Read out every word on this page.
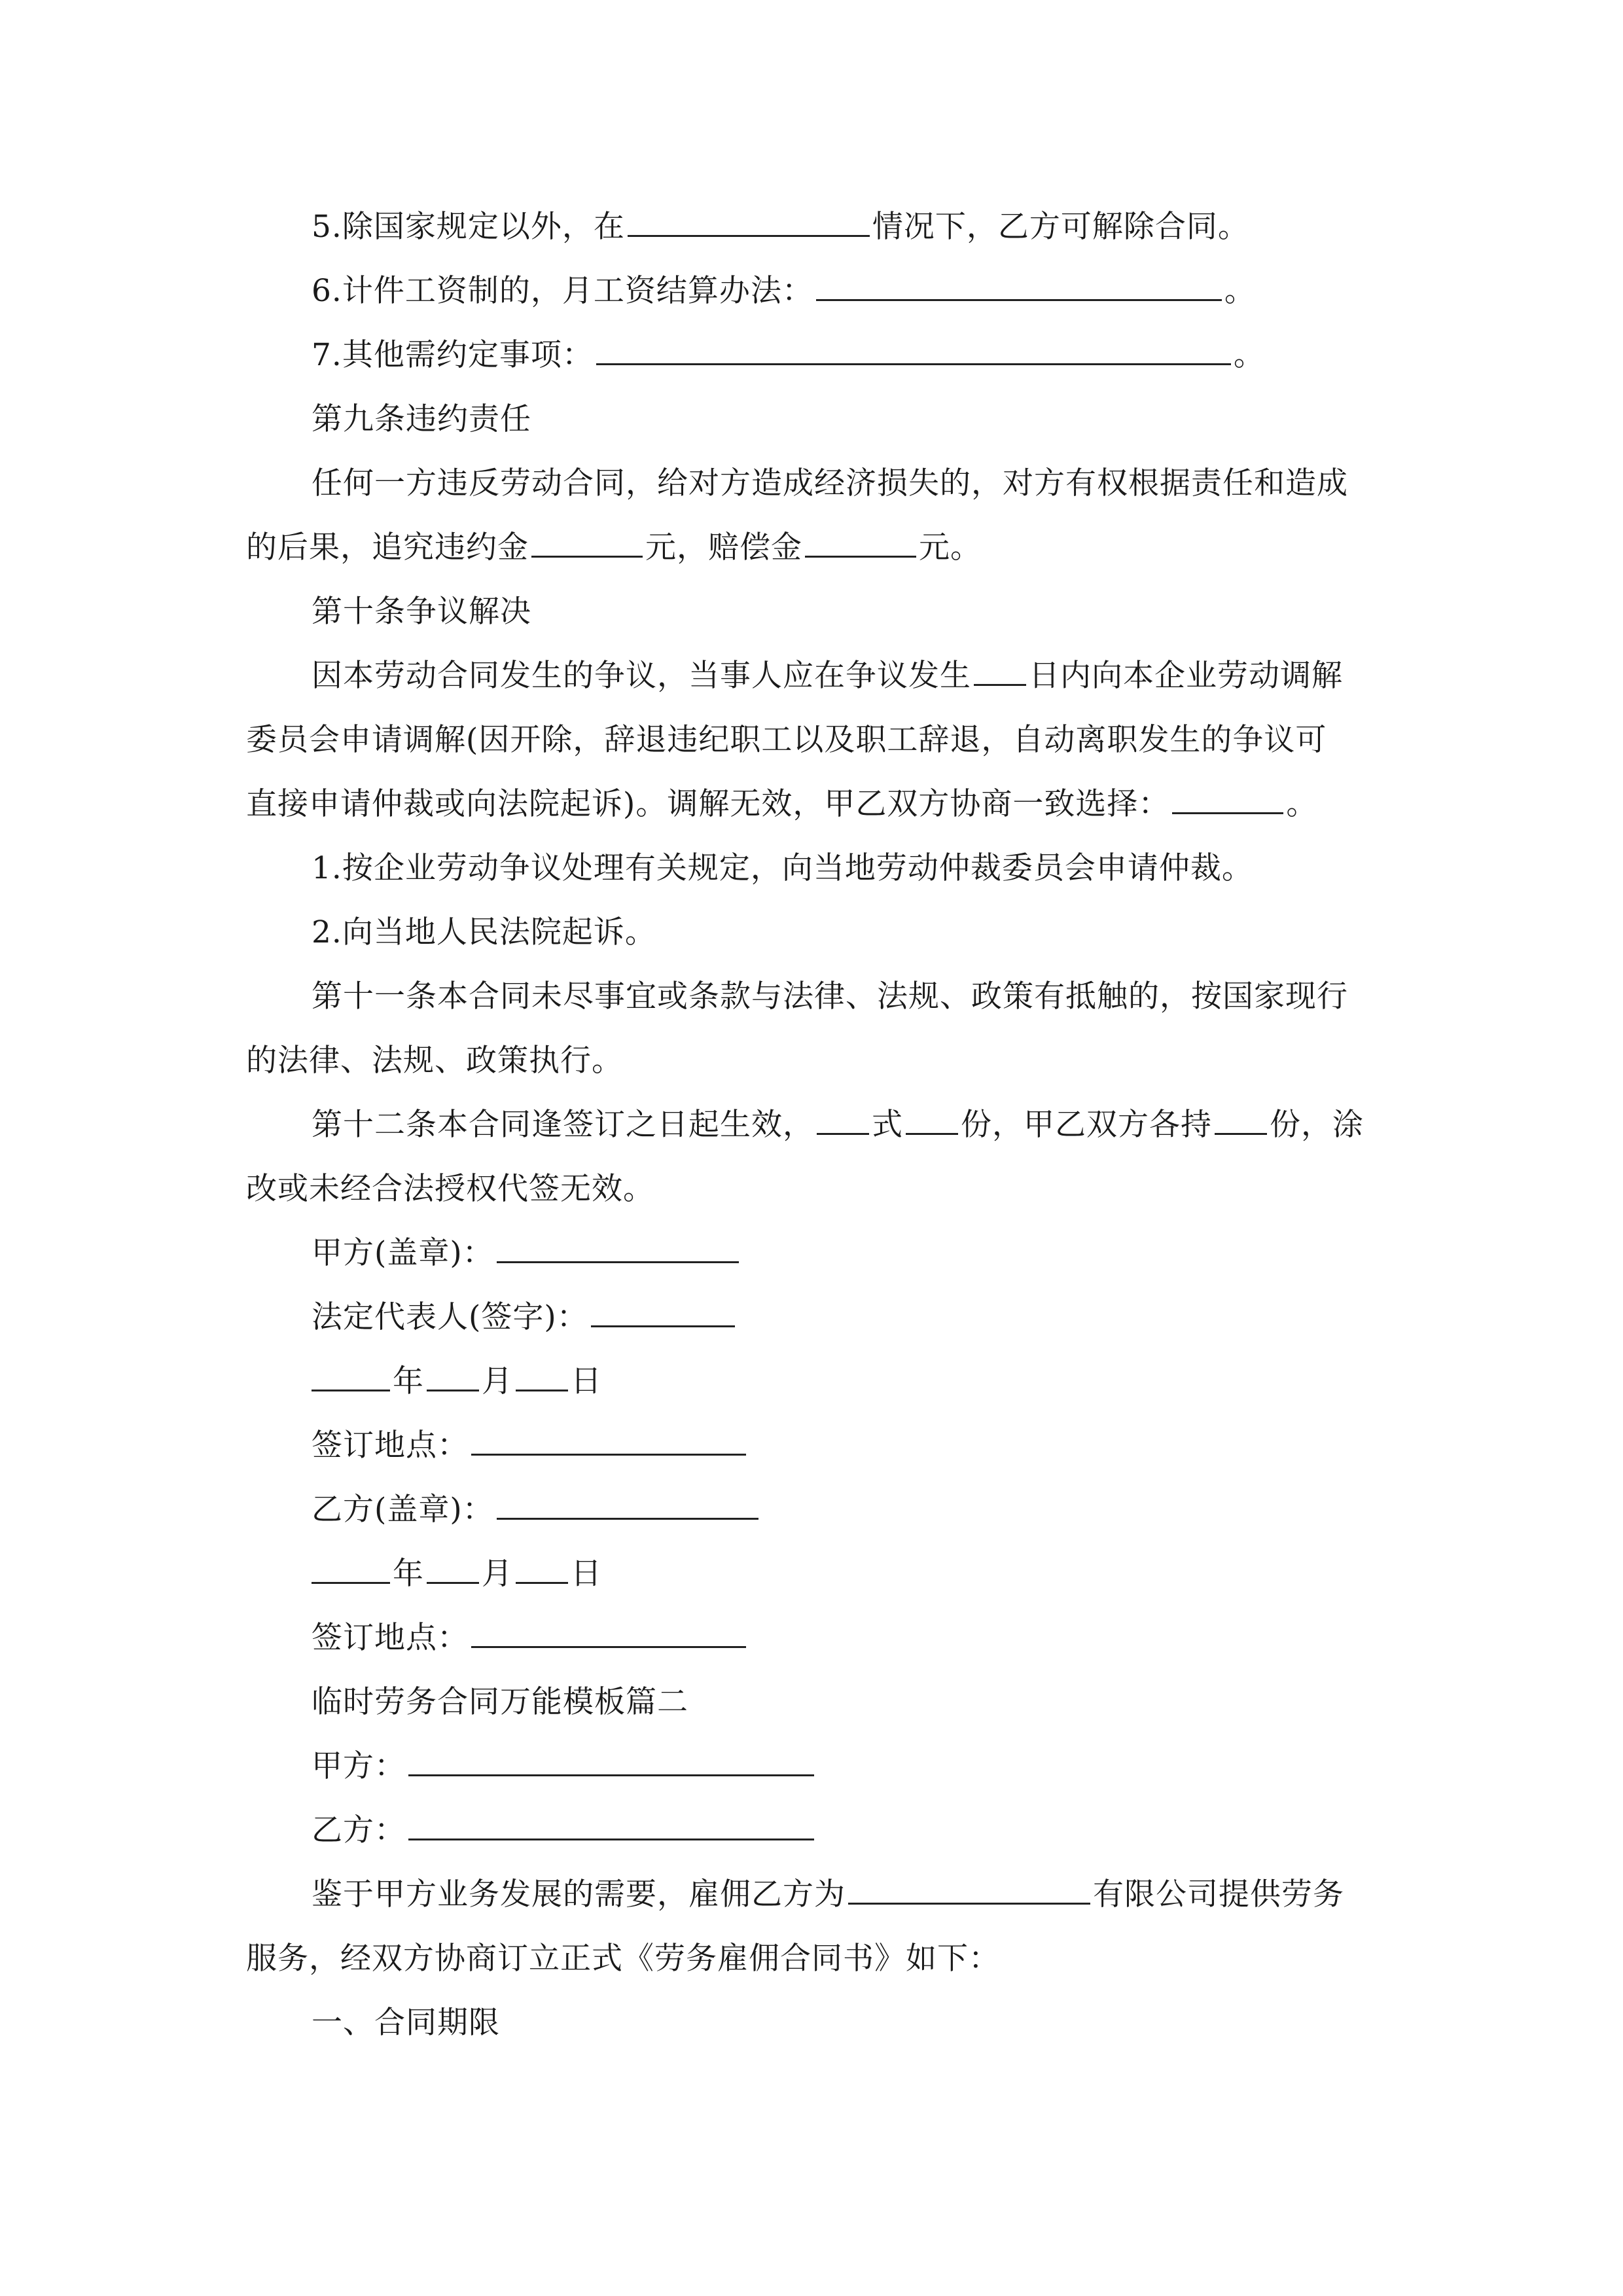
5.除国家规定以外，在	情况下，乙方可解除合同。
6.计件工资制的，月工资结算办法：	。
7.其他需约定事项：	。
第九条违约责任
任何一方违反劳动合同，给对方造成经济损失的，对方有权根据责任和造成
的后果，追究违约金	元，赔偿金	元。
第十条争议解决
因本劳动合同发生的争议，当事人应在争议发生 日内向本企业劳动调解
委员会申请调解(因开除，辞退违纪职工以及职工辞退，自动离职发生的争议可
直接申请仲裁或向法院起诉)。调解无效，甲乙双方协商一致选择：	。
1.按企业劳动争议处理有关规定，向当地劳动仲裁委员会申请仲裁。
2.向当地人民法院起诉。
第十一条本合同未尽事宜或条款与法律、法规、政策有抵触的，按国家现行
的法律、法规、政策执行。
第十二条本合同逢签订之日起生效， 式 份，甲乙双方各持 份，涂
改或未经合法授权代签无效。
甲方(盖章)：
法定代表人(签字)：
年 月 日
签订地点：
乙方(盖章)：
年 月 日
签订地点：
临时劳务合同万能模板篇二
甲方：
乙方：
鉴于甲方业务发展的需要，雇佣乙方为	有限公司提供劳务
服务，经双方协商订立正式《劳务雇佣合同书》如下：
一、合同期限
